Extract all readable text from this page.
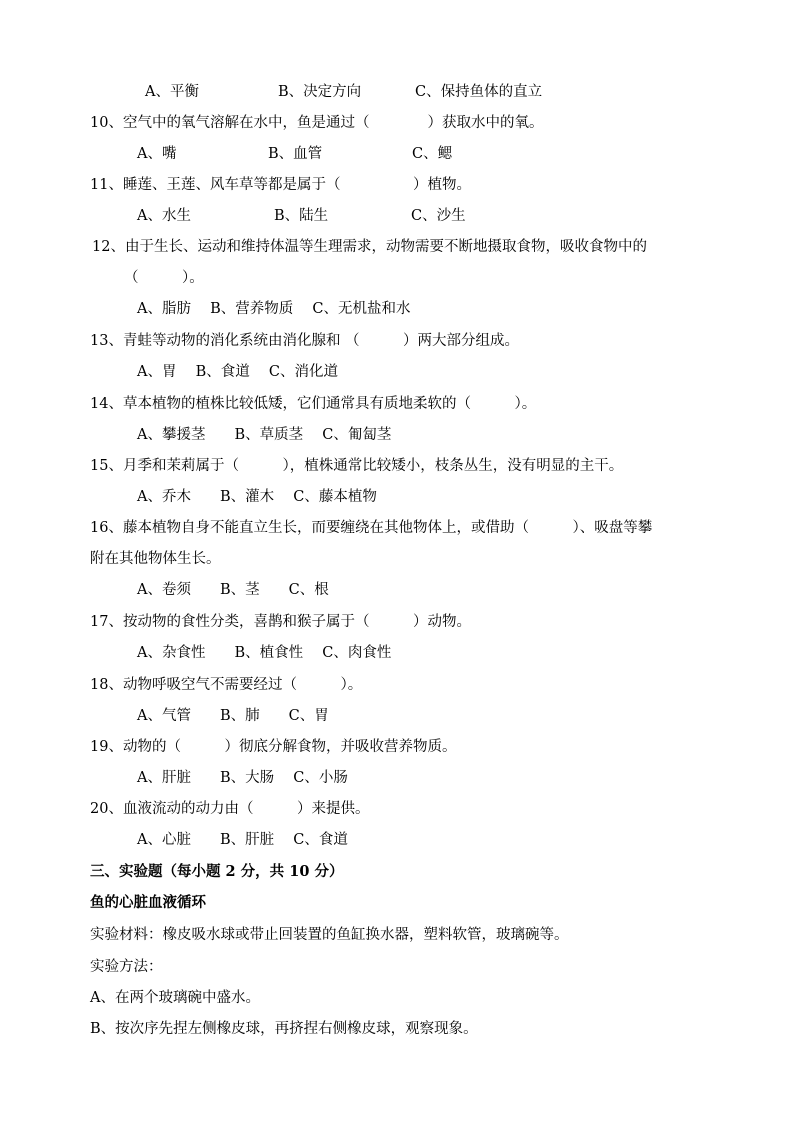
A、平衡

	B、决定方向

	C、保持鱼体的直立

10、空气中的氧气溶解在水中，鱼是通过（　　　　）获取水中的氧。

A、嘴

	B、血管

	C、鳃

11、睡莲、王莲、风车草等都是属于（　　　　　）植物。

A、水生

	B、陆生

	C、沙生

12、由于生长、运动和维持体温等生理需求，动物需要不断地摄取食物，吸收食物中的
（　　　）。
A、脂肪　 B、营养物质　 C、无机盐和水
13、青蛙等动物的消化系统由消化腺和 （　　　）两大部分组成。
A、胃　 B、食道　 C、消化道
14、草本植物的植株比较低矮，它们通常具有质地柔软的（　　　）。
A、攀援茎　　B、草质茎　 C、匍匐茎
15、月季和茉莉属于（　　　），植株通常比较矮小，枝条丛生，没有明显的主干。
A、乔木　　B、灌木　 C、藤本植物
16、藤本植物自身不能直立生长，而要缠绕在其他物体上，或借助（　　　）、吸盘等攀
附在其他物体生长。
A、卷须　　B、茎　　C、根
17、按动物的食性分类，喜鹊和猴子属于（　　　）动物。
A、杂食性　　B、植食性　 C、肉食性
18、动物呼吸空气不需要经过（　　　）。
A、气管　　B、肺　　C、胃
19、动物的（　　　）彻底分解食物，并吸收营养物质。
A、肝脏　　B、大肠　 C、小肠
20、血液流动的动力由（　　　）来提供。
A、心脏　　B、肝脏　 C、食道
三、实验题（每小题 2 分，共 10 分）
鱼的心脏血液循环
实验材料：橡皮吸水球或带止回装置的鱼缸换水器，塑料软管，玻璃碗等。
实验方法：
A、在两个玻璃碗中盛水。
B、按次序先捏左侧橡皮球，再挤捏右侧橡皮球，观察现象。
